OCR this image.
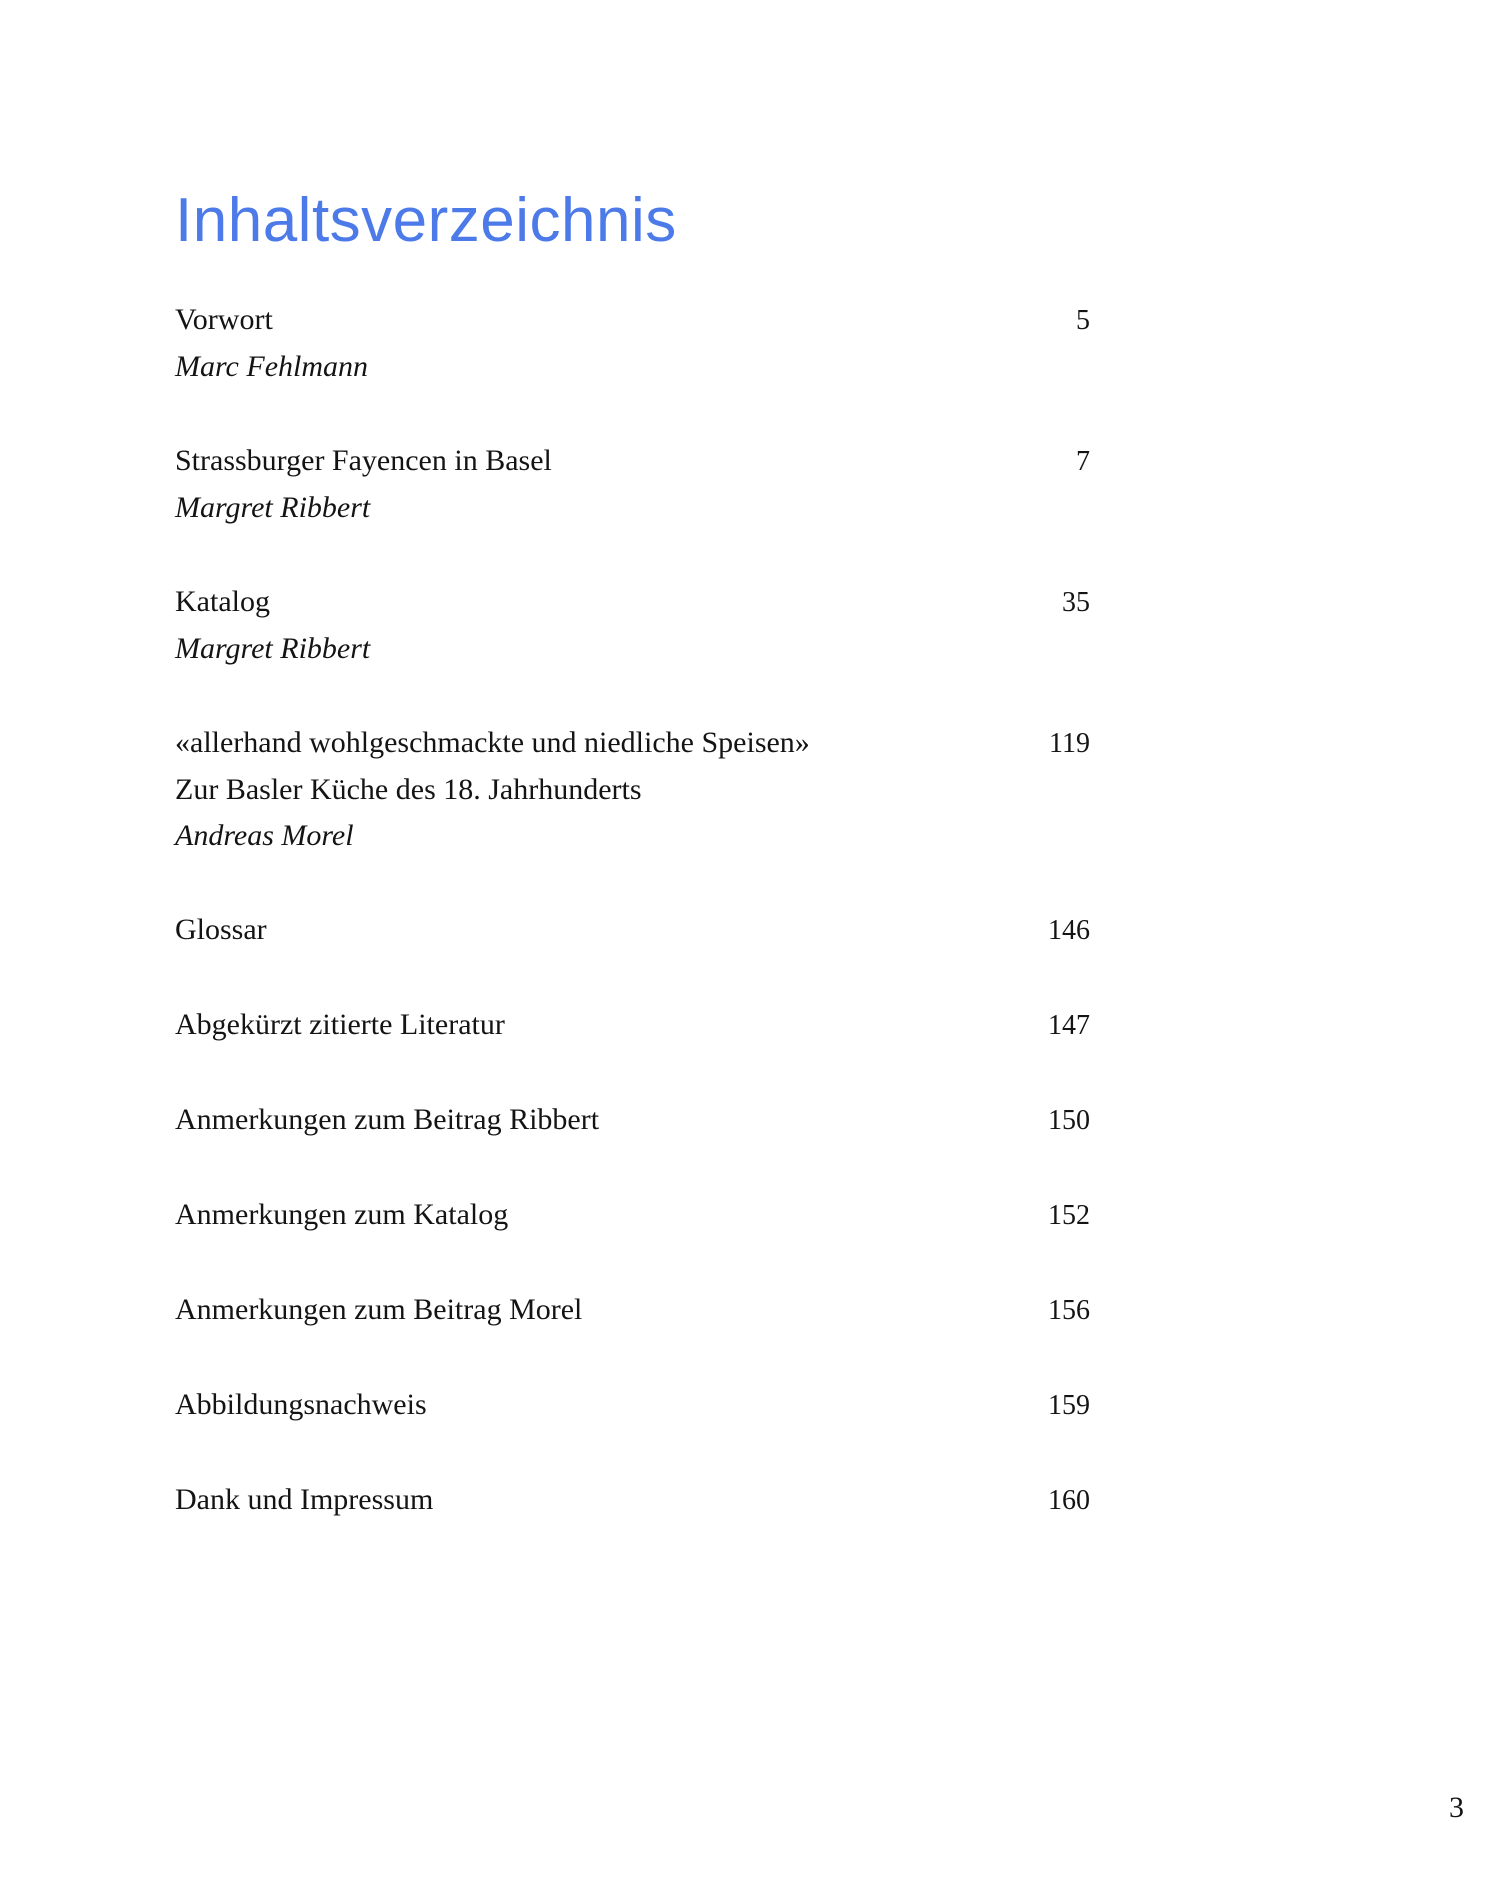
Inhaltsverzeichnis
Vorwort	5
Marc Fehlmann
Strassburger Fayencen in Basel	7
Margret Ribbert
Katalog	35
Margret Ribbert
«allerhand wohlgeschmackte und niedliche Speisen»	119
Zur Basler Küche des 18. Jahrhunderts
Andreas Morel
Glossar	146
Abgekürzt zitierte Literatur	147
Anmerkungen zum Beitrag Ribbert	150
Anmerkungen zum Katalog	152
Anmerkungen zum Beitrag Morel	156
Abbildungsnachweis	159
Dank und Impressum	160
3
